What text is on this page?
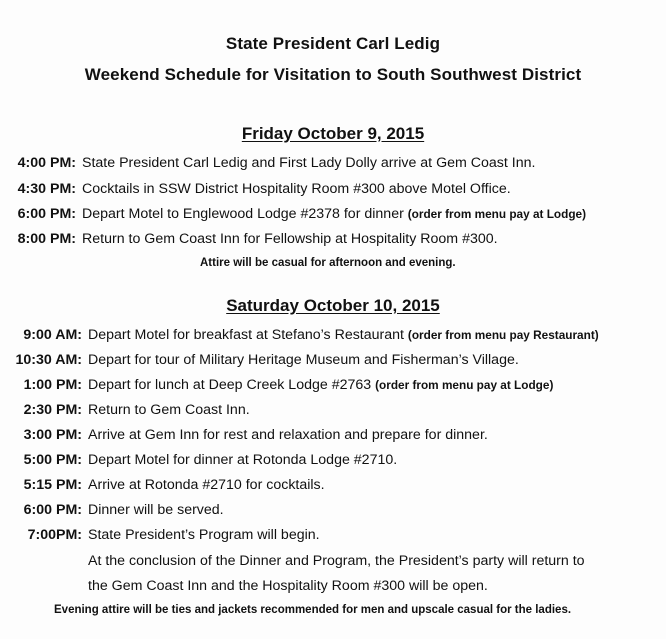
State President Carl Ledig
Weekend Schedule for Visitation to South Southwest District
Friday October 9, 2015
4:00 PM: State President Carl Ledig and First Lady Dolly arrive at Gem Coast Inn.
4:30 PM: Cocktails in SSW District Hospitality Room #300 above Motel Office.
6:00 PM: Depart Motel to Englewood Lodge #2378 for dinner (order from menu pay at Lodge)
8:00 PM: Return to Gem Coast Inn for Fellowship at Hospitality Room #300.
Attire will be casual for afternoon and evening.
Saturday October 10, 2015
9:00 AM: Depart Motel for breakfast at Stefano’s Restaurant (order from menu pay Restaurant)
10:30 AM: Depart for tour of Military Heritage Museum and Fisherman’s Village.
1:00 PM: Depart for lunch at Deep Creek Lodge #2763 (order from menu pay at Lodge)
2:30 PM: Return to Gem Coast Inn.
3:00 PM: Arrive at Gem Inn for rest and relaxation and prepare for dinner.
5:00 PM: Depart Motel for dinner at Rotonda Lodge #2710.
5:15 PM: Arrive at Rotonda #2710 for cocktails.
6:00 PM: Dinner will be served.
7:00PM: State President’s Program will begin.
At the conclusion of the Dinner and Program, the President’s party will return to
the Gem Coast Inn and the Hospitality Room #300 will be open.
Evening attire will be ties and jackets recommended for men and upscale casual for the ladies.
